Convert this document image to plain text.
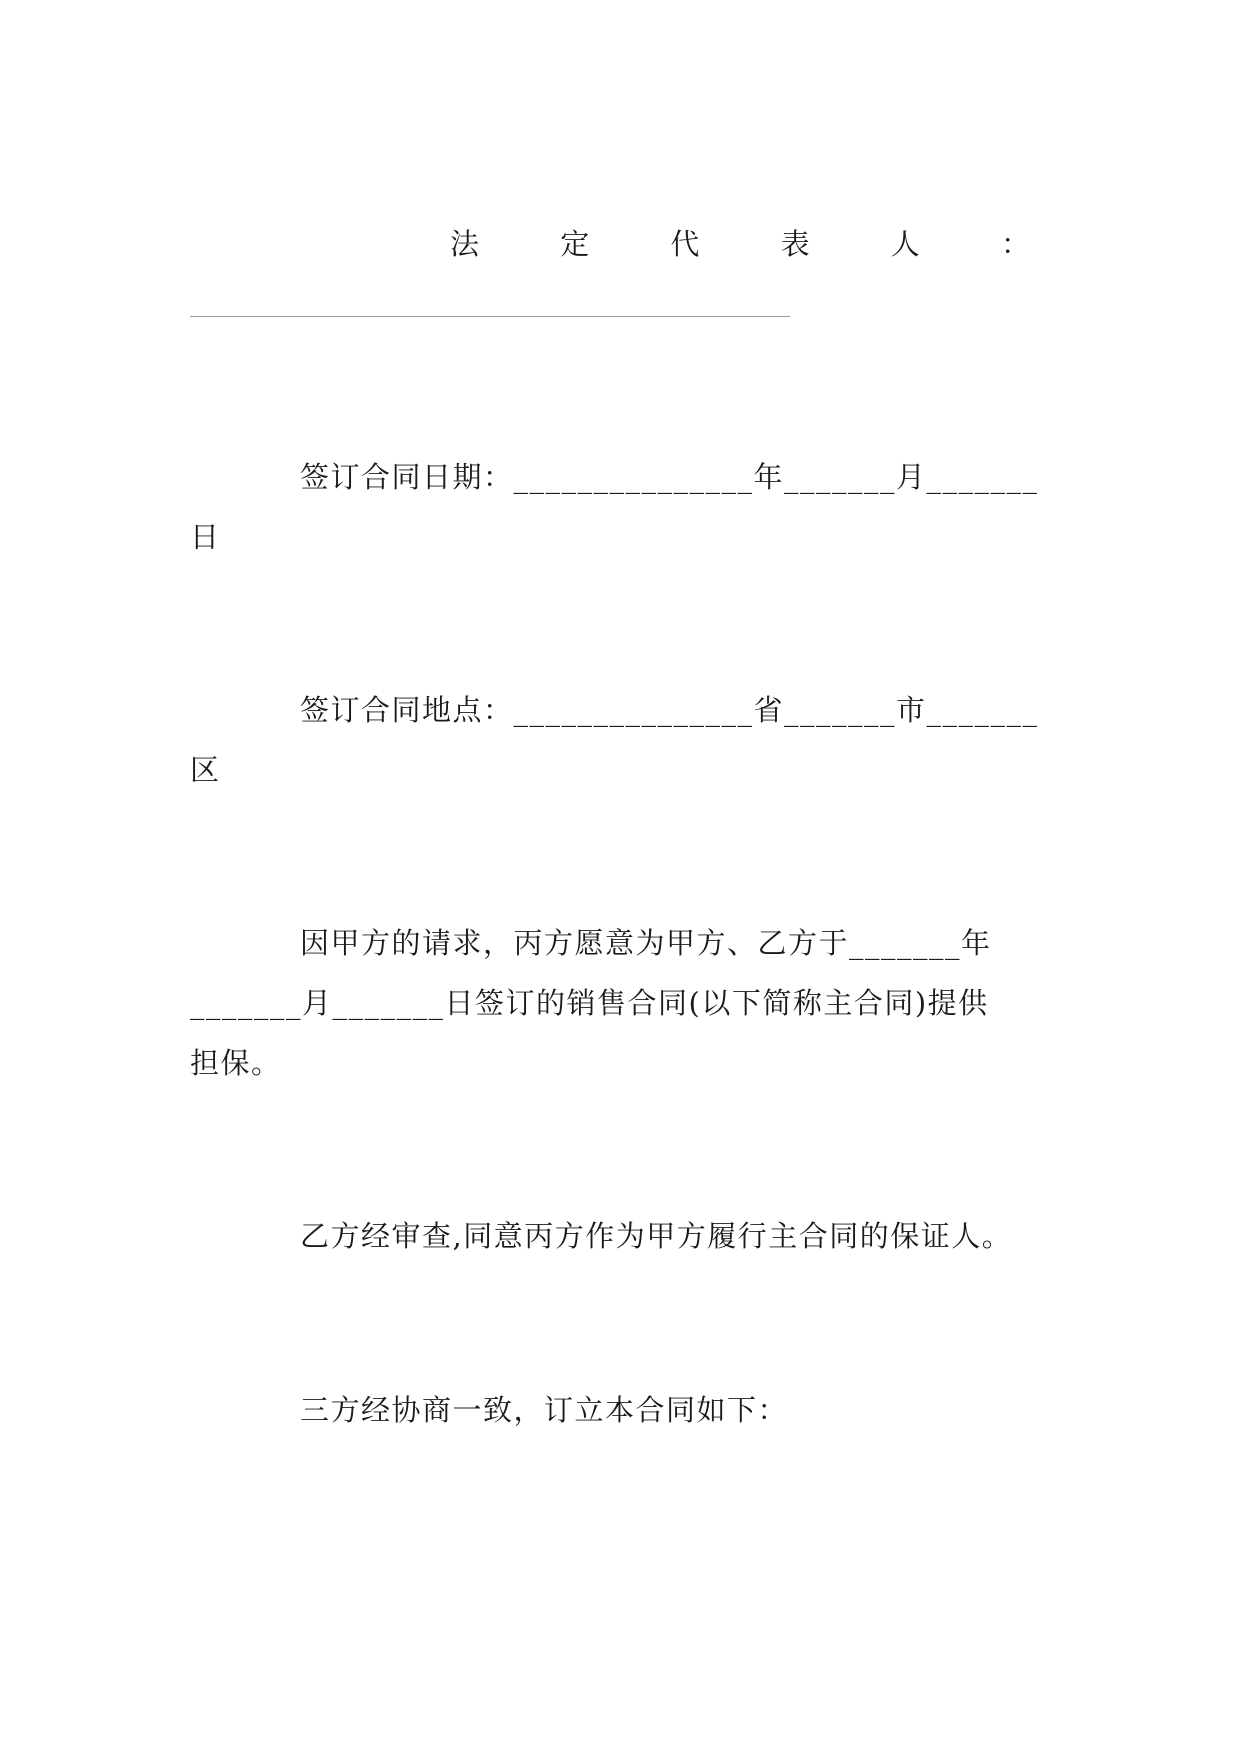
法	定	代	表	人	：
签订合同日期：_______________年_______月_______
日
签订合同地点：_______________省_______市_______
区
因甲方的请求，丙方愿意为甲方、乙方于_______年
_______月_______日签订的销售合同(以下简称主合同)提供
担保。
乙方经审查,同意丙方作为甲方履行主合同的保证人。
三方经协商一致，订立本合同如下：
